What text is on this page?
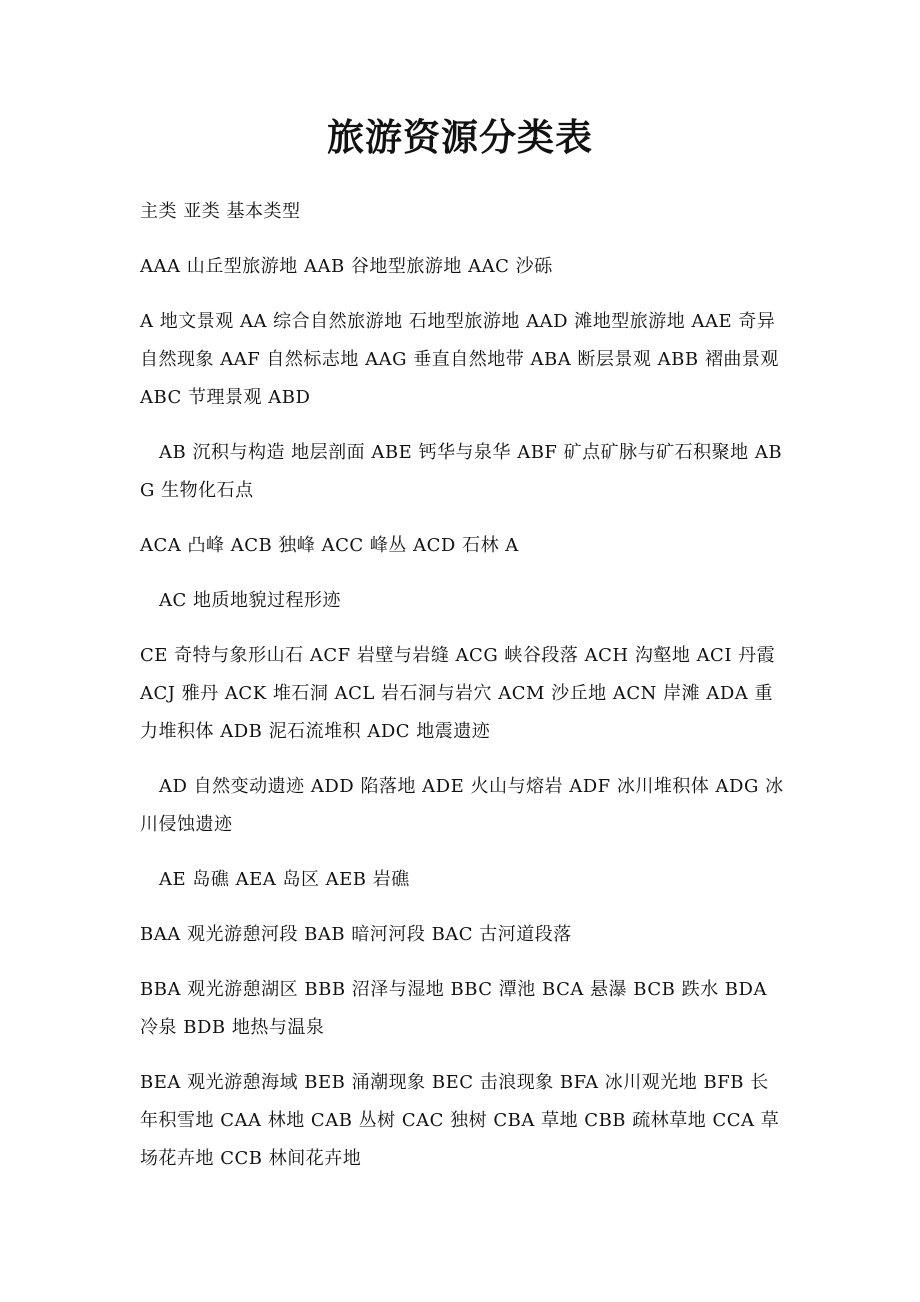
旅游资源分类表

主类 亚类 基本类型

AAA 山丘型旅游地 AAB 谷地型旅游地 AAC 沙砾

A 地文景观 AA 综合自然旅游地 石地型旅游地 AAD 滩地型旅游地 AAE 奇异自然现象 AAF 自然标志地 AAG 垂直自然地带 ABA 断层景观 ABB 褶曲景观 ABC 节理景观 ABD

AB 沉积与构造 地层剖面 ABE 钙华与泉华 ABF 矿点矿脉与矿石积聚地 ABG 生物化石点

ACA 凸峰 ACB 独峰 ACC 峰丛 ACD 石林 A

AC 地质地貌过程形迹

CE 奇特与象形山石 ACF 岩壁与岩缝 ACG 峡谷段落 ACH 沟壑地 ACI 丹霞 ACJ 雅丹 ACK 堆石洞 ACL 岩石洞与岩穴 ACM 沙丘地 ACN 岸滩 ADA 重力堆积体 ADB 泥石流堆积 ADC 地震遗迹

AD 自然变动遗迹 ADD 陷落地 ADE 火山与熔岩 ADF 冰川堆积体 ADG 冰川侵蚀遗迹

AE 岛礁 AEA 岛区 AEB 岩礁

BAA 观光游憩河段 BAB 暗河河段 BAC 古河道段落

BBA 观光游憩湖区 BBB 沼泽与湿地 BBC 潭池 BCA 悬瀑 BCB 跌水 BDA 冷泉 BDB 地热与温泉

BEA 观光游憩海域 BEB 涌潮现象 BEC 击浪现象 BFA 冰川观光地 BFB 长年积雪地 CAA 林地 CAB 丛树 CAC 独树 CBA 草地 CBB 疏林草地 CCA 草场花卉地 CCB 林间花卉地
